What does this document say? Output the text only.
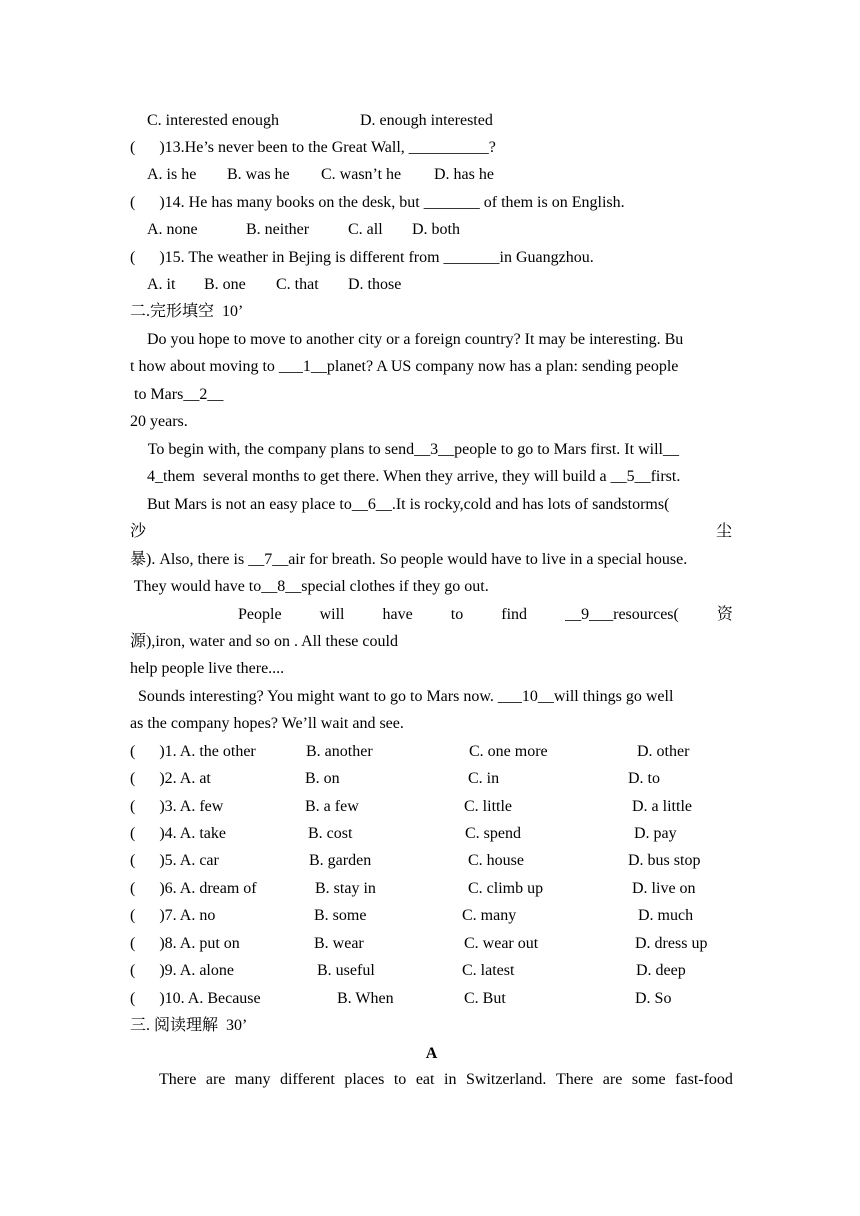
C. interested enough	D. enough interested
(      )13.He’s never been to the Great Wall, __________?
A. is he B. was he C. wasn’t he D. has he
(      )14. He has many books on the desk, but _______ of them is on English.
A. none	B. neither C. all D. both
(      )15. The weather in Bejing is different from _______in Guangzhou.
A. it B. one C. that D. those
二.完形填空  10’
Do you hope to move to another city or a foreign country? It may be interesting. Bu
t how about moving to ___1__planet? A US company now has a plan: sending people
to Mars__2__
20 years.
To begin with, the company plans to send__3__people to go to Mars first. It will__
4_them  several months to get there. When they arrive, they will build a __5__first.
But Mars is not an easy place to__6__.It is rocky,cold and has lots of sandstorms(
沙	尘
暴). Also, there is __7__air for breath. So people would have to live in a special house.
They would have to__8__special clothes if they go out.
People will have to find __9___resources( 资
源),iron, water and so on . All these could
help people live there....
Sounds interesting? You might want to go to Mars now. ___10__will things go well
as the company hopes? We’ll wait and see.
(      )1. A. the other	B. another	C. one more	D. other
(      )2. A. at	B. on	C. in	D. to
(      )3. A. few	B. a few	C. little	D. a little
(      )4. A. take	B. cost	C. spend	D. pay
(      )5. A. car	B. garden	C. house	D. bus stop
(      )6. A. dream of	B. stay in	C. climb up	D. live on
(      )7. A. no	B. some	C. many	D. much
(      )8. A. put on	B. wear	C. wear out	D. dress up
(      )9. A. alone	B. useful	C. latest	D. deep
(      )10. A. Because	B. When	C. But	D. So
三. 阅读理解  30’
A
There are many different places to eat in Switzerland. There are some fast-food
